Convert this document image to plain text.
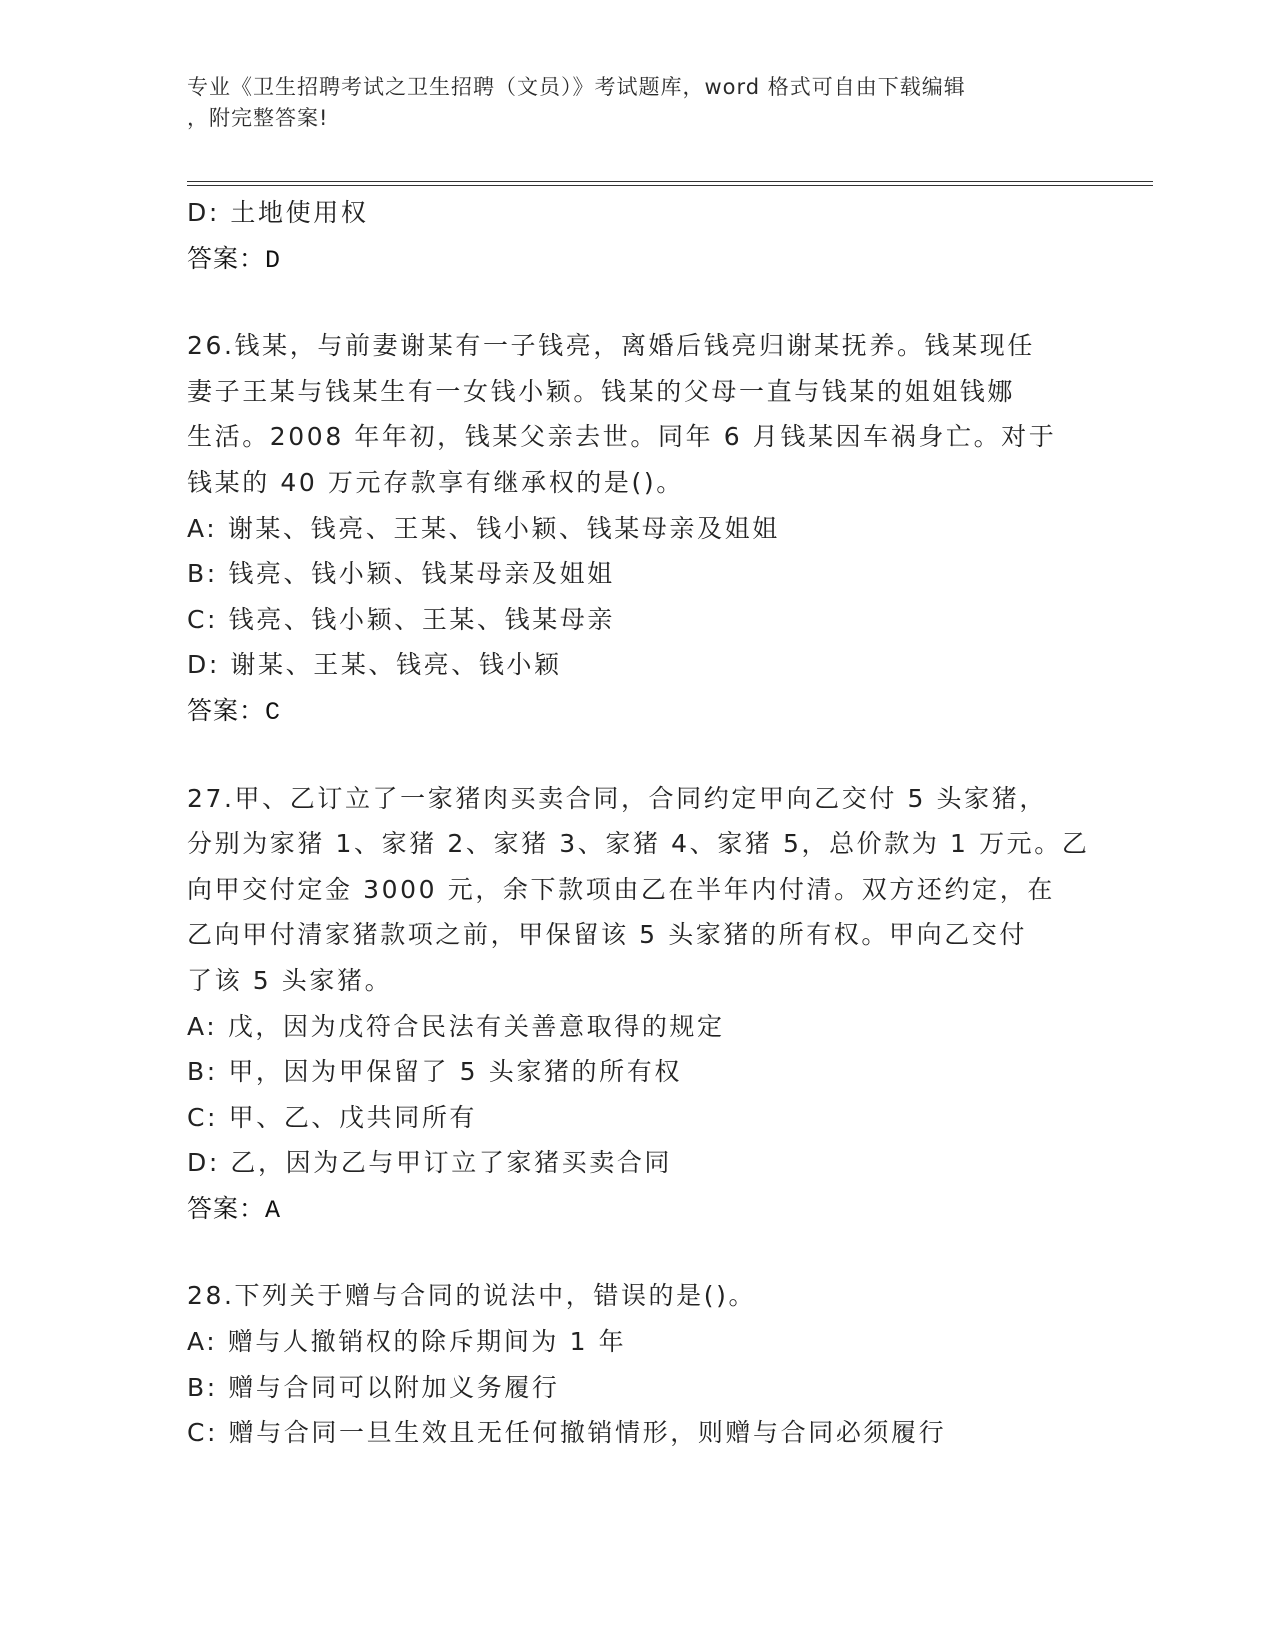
专业《卫生招聘考试之卫生招聘（文员）》考试题库，word 格式可自由下载编辑
，附完整答案!
D: 土地使用权
答案：D
26.钱某，与前妻谢某有一子钱亮，离婚后钱亮归谢某抚养。钱某现任
妻子王某与钱某生有一女钱小颖。钱某的父母一直与钱某的姐姐钱娜
生活。2008 年年初，钱某父亲去世。同年 6 月钱某因车祸身亡。对于
钱某的 40 万元存款享有继承权的是()。
A: 谢某、钱亮、王某、钱小颖、钱某母亲及姐姐
B: 钱亮、钱小颖、钱某母亲及姐姐
C: 钱亮、钱小颖、王某、钱某母亲
D: 谢某、王某、钱亮、钱小颖
答案：C
27.甲、乙订立了一家猪肉买卖合同，合同约定甲向乙交付 5 头家猪，
分别为家猪 1、家猪 2、家猪 3、家猪 4、家猪 5，总价款为 1 万元。乙
向甲交付定金 3000 元，余下款项由乙在半年内付清。双方还约定，在
乙向甲付清家猪款项之前，甲保留该 5 头家猪的所有权。甲向乙交付
了该 5 头家猪。
A: 戊，因为戊符合民法有关善意取得的规定
B: 甲，因为甲保留了 5 头家猪的所有权
C: 甲、乙、戊共同所有
D: 乙，因为乙与甲订立了家猪买卖合同
答案：A
28.下列关于赠与合同的说法中，错误的是()。
A: 赠与人撤销权的除斥期间为 1 年
B: 赠与合同可以附加义务履行
C: 赠与合同一旦生效且无任何撤销情形，则赠与合同必须履行
